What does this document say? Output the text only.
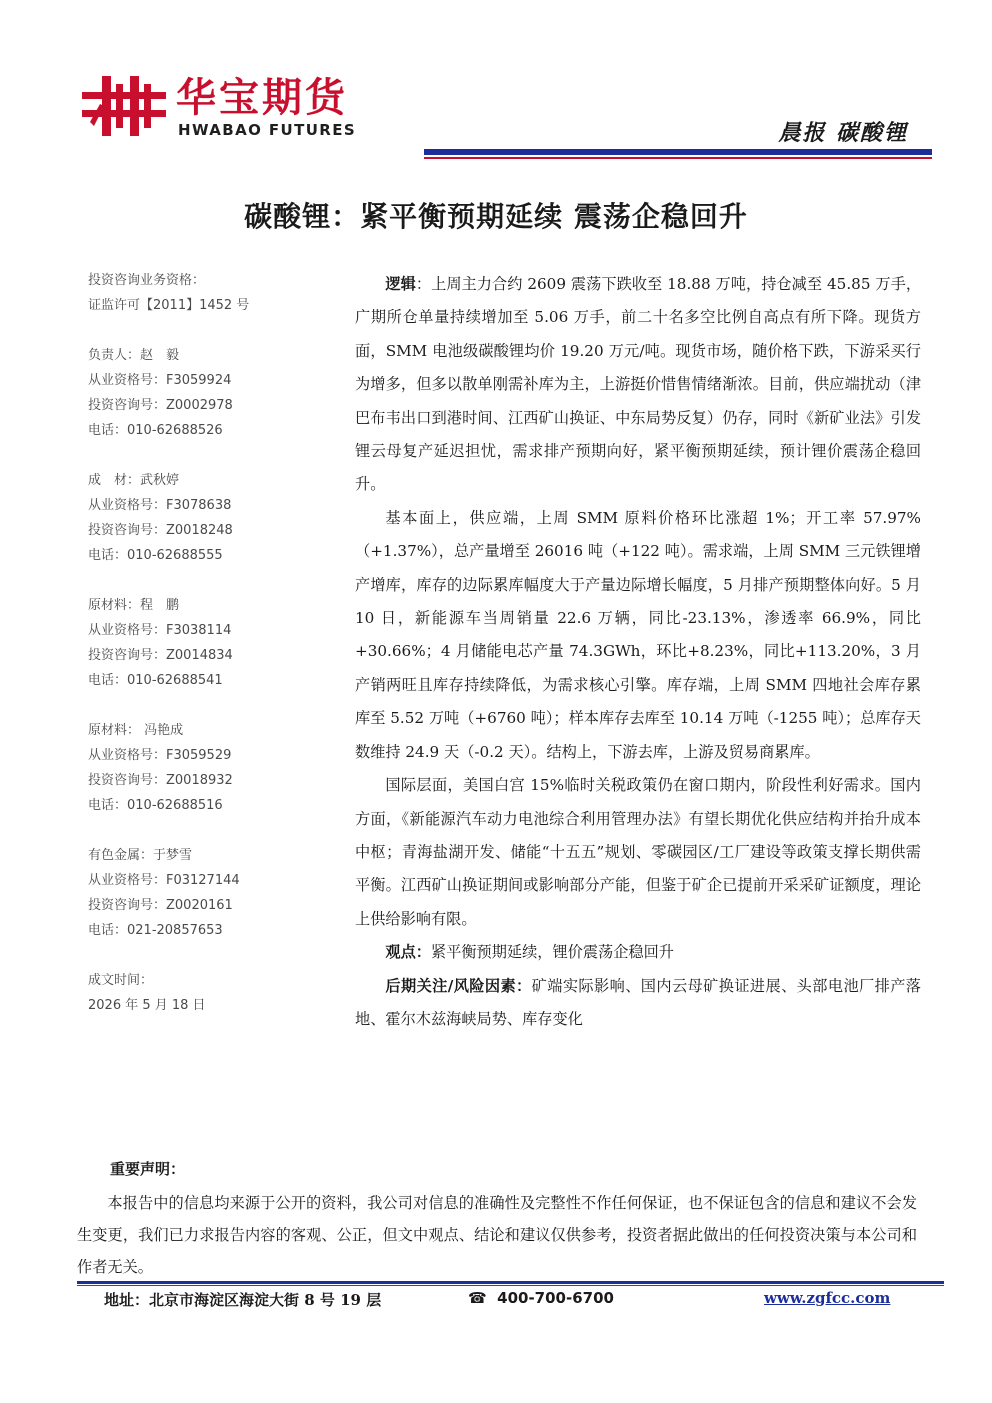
华宝期货
HWABAO FUTURES	晨报 碳酸锂
碳酸锂：紧平衡预期延续 震荡企稳回升
投资咨询业务资格：
证监许可【2011】1452 号
负责人：赵　毅
从业资格号：F3059924
投资咨询号：Z0002978
电话：010-62688526
成　材：武秋婷
从业资格号：F3078638
投资咨询号：Z0018248
电话：010-62688555
原材料：程　鹏
从业资格号：F3038114
投资咨询号：Z0014834
电话：010-62688541
原材料： 冯艳成
从业资格号：F3059529
投资咨询号：Z0018932
电话：010-62688516
有色金属：于梦雪
从业资格号：F03127144
投资咨询号：Z0020161
电话：021-20857653
成文时间：
2026 年 5 月 18 日

逻辑：上周主力合约 2609 震荡下跌收至 18.88 万吨，持仓减至 45.85 万手，广期所仓单量持续增加至 5.06 万手，前二十名多空比例自高点有所下降。现货方面，SMM 电池级碳酸锂均价 19.20 万元/吨。现货市场，随价格下跌，下游采买行为增多，但多以散单刚需补库为主，上游挺价惜售情绪渐浓。目前，供应端扰动（津巴布韦出口到港时间、江西矿山换证、中东局势反复）仍存，同时《新矿业法》引发锂云母复产延迟担忧，需求排产预期向好，紧平衡预期延续，预计锂价震荡企稳回升。

基本面上，供应端，上周 SMM 原料价格环比涨超 1%；开工率 57.97%（+1.37%），总产量增至 26016 吨（+122 吨）。需求端，上周 SMM 三元铁锂增产增库，库存的边际累库幅度大于产量边际增长幅度，5 月排产预期整体向好。5 月 10 日，新能源车当周销量 22.6 万辆，同比-23.13%，渗透率 66.9%，同比+30.66%；4 月储能电芯产量 74.3GWh，环比+8.23%，同比+113.20%，3 月产销两旺且库存持续降低，为需求核心引擎。库存端，上周 SMM 四地社会库存累库至 5.52 万吨（+6760 吨）；样本库存去库至 10.14 万吨（-1255 吨）；总库存天数维持 24.9 天（-0.2 天）。结构上，下游去库，上游及贸易商累库。

国际层面，美国白宫 15%临时关税政策仍在窗口期内，阶段性利好需求。国内方面，《新能源汽车动力电池综合利用管理办法》有望长期优化供应结构并抬升成本中枢；青海盐湖开发、储能“十五五”规划、零碳园区/工厂建设等政策支撑长期供需平衡。江西矿山换证期间或影响部分产能，但鉴于矿企已提前开采采矿证额度，理论上供给影响有限。

观点：紧平衡预期延续，锂价震荡企稳回升

后期关注/风险因素：矿端实际影响、国内云母矿换证进展、头部电池厂排产落地、霍尔木兹海峡局势、库存变化

重要声明：
本报告中的信息均来源于公开的资料，我公司对信息的准确性及完整性不作任何保证，也不保证包含的信息和建议不会发生变更，我们已力求报告内容的客观、公正，但文中观点、结论和建议仅供参考，投资者据此做出的任何投资决策与本公司和作者无关。
地址：北京市海淀区海淀大街 8 号 19 层	☎ 400-700-6700	www.zgfcc.com
